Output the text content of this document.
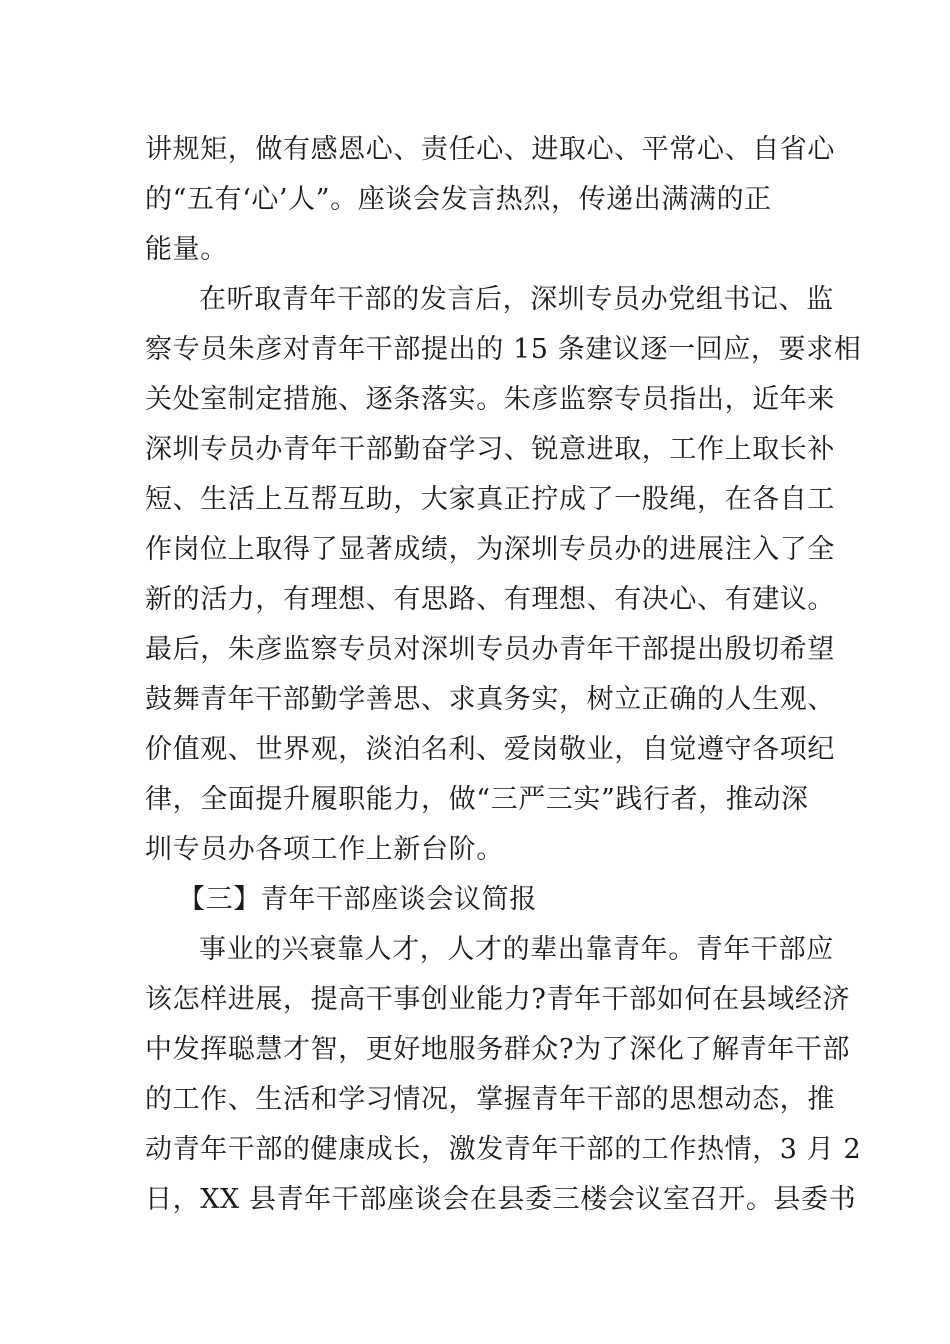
讲规矩，做有感恩心、责任心、进取心、平常心、自省心
的“五有‘心’人”。座谈会发言热烈，传递出满满的正
能量。
在听取青年干部的发言后，深圳专员办党组书记、监
察专员朱彦对青年干部提出的 15 条建议逐一回应，要求相
关处室制定措施、逐条落实。朱彦监察专员指出，近年来
深圳专员办青年干部勤奋学习、锐意进取，工作上取长补
短、生活上互帮互助，大家真正拧成了一股绳，在各自工
作岗位上取得了显著成绩，为深圳专员办的进展注入了全
新的活力，有理想、有思路、有理想、有决心、有建议。
最后，朱彦监察专员对深圳专员办青年干部提出殷切希望
鼓舞青年干部勤学善思、求真务实，树立正确的人生观、
价值观、世界观，淡泊名利、爱岗敬业，自觉遵守各项纪
律，全面提升履职能力，做“三严三实”践行者，推动深
圳专员办各项工作上新台阶。
【三】青年干部座谈会议简报
事业的兴衰靠人才，人才的辈出靠青年。青年干部应
该怎样进展，提高干事创业能力?青年干部如何在县域经济
中发挥聪慧才智，更好地服务群众?为了深化了解青年干部
的工作、生活和学习情况，掌握青年干部的思想动态，推
动青年干部的健康成长，激发青年干部的工作热情，3 月 2
日，XX 县青年干部座谈会在县委三楼会议室召开。县委书
